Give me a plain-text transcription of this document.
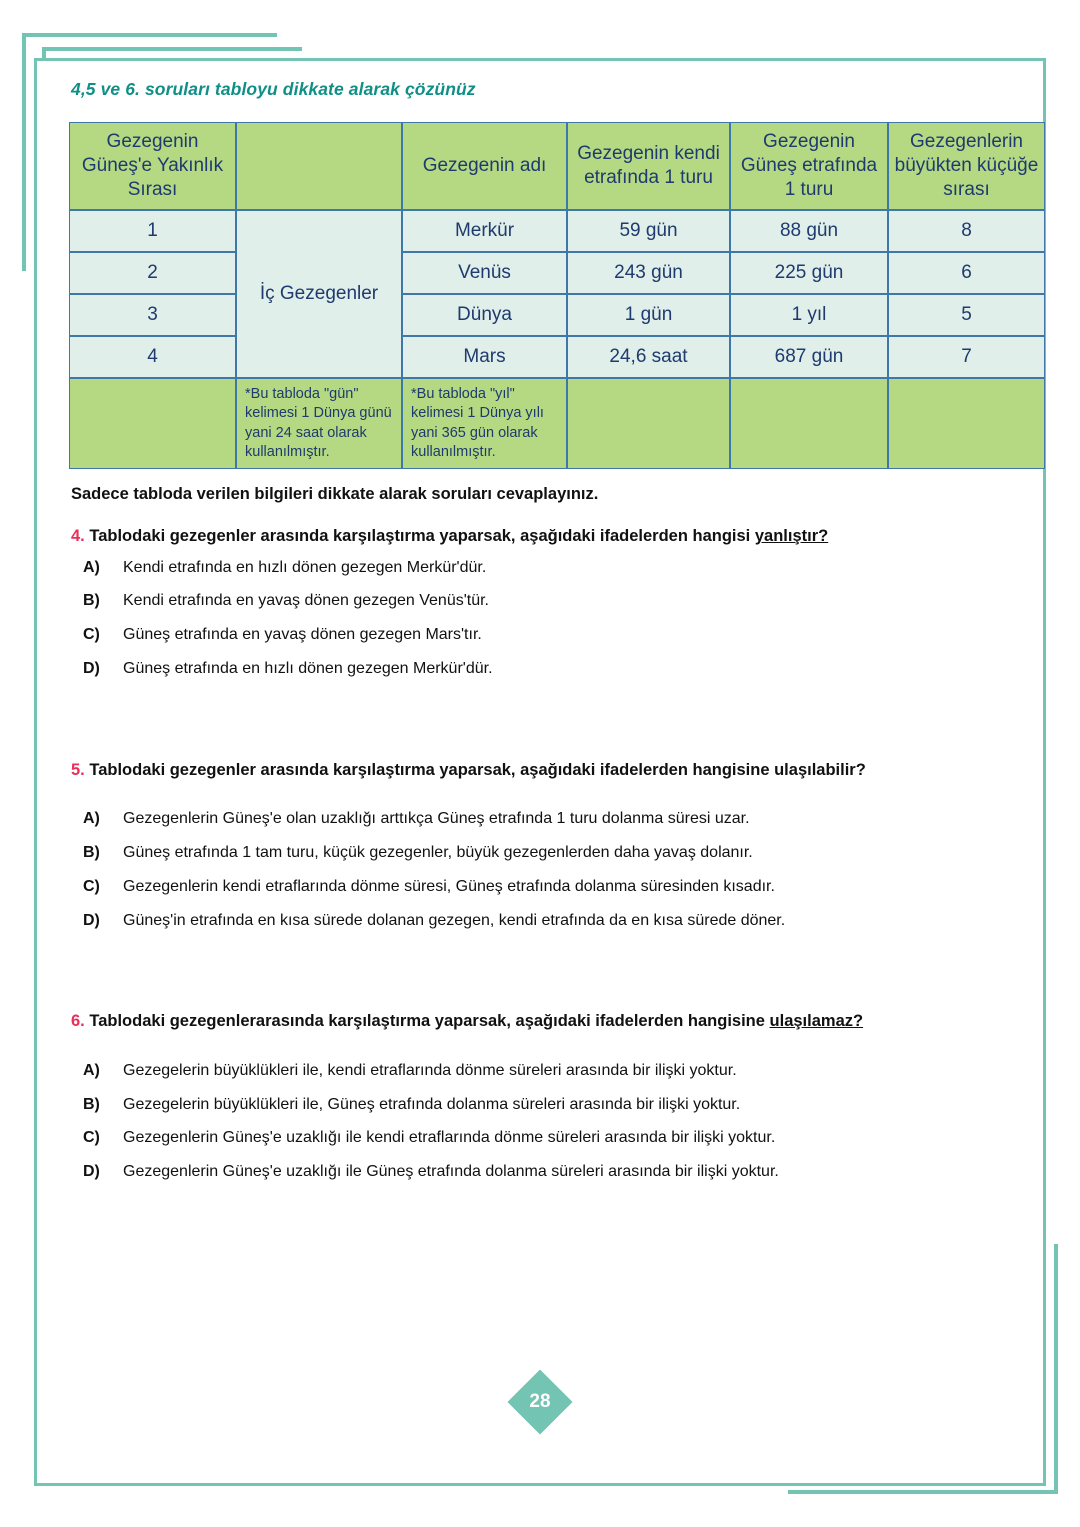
4,5 ve 6. soruları tabloyu dikkate alarak çözünüz
Gezegenin Güneş'e Yakınlık Sırası		Gezegenin adı	Gezegenin kendi etrafında 1 turu	Gezegenin Güneş etrafında 1 turu	Gezegenlerin büyükten küçüğe sırası
1	İç Gezegenler	Merkür	59 gün	88 gün	8
2		Venüs	243 gün	225 gün	6
3		Dünya	1 gün	1 yıl	5
4		Mars	24,6 saat	687 gün	7
	*Bu tabloda "gün" kelimesi 1 Dünya günü yani 24 saat olarak kullanılmıştır.	*Bu tabloda "yıl" kelimesi 1 Dünya yılı yani 365 gün olarak kullanılmıştır.			
Sadece tabloda verilen bilgileri dikkate alarak soruları cevaplayınız.
4. Tablodaki gezegenler arasında karşılaştırma yaparsak, aşağıdaki ifadelerden hangisi yanlıştır?
A)	Kendi etrafında en hızlı dönen gezegen Merkür'dür.
B)	Kendi etrafında en yavaş dönen gezegen Venüs'tür.
C)	Güneş etrafında en yavaş dönen gezegen Mars'tır.
D)	Güneş etrafında en hızlı dönen gezegen Merkür'dür.
5. Tablodaki gezegenler arasında karşılaştırma yaparsak, aşağıdaki ifadelerden hangisine ulaşılabilir?
A)	Gezegenlerin Güneş'e olan uzaklığı arttıkça Güneş etrafında 1 turu dolanma süresi uzar.
B)	Güneş etrafında 1 tam turu, küçük gezegenler, büyük gezegenlerden daha yavaş dolanır.
C)	Gezegenlerin kendi etraflarında dönme süresi, Güneş etrafında dolanma süresinden kısadır.
D)	Güneş'in etrafında en kısa sürede dolanan gezegen, kendi etrafında da en kısa sürede döner.
6. Tablodaki gezegenlerarasında karşılaştırma yaparsak, aşağıdaki ifadelerden hangisine ulaşılamaz?
A)	Gezegelerin büyüklükleri ile, kendi etraflarında dönme süreleri arasında bir ilişki yoktur.
B)	Gezegelerin büyüklükleri ile, Güneş etrafında dolanma süreleri arasında bir ilişki yoktur.
C)	Gezegenlerin Güneş'e uzaklığı ile kendi etraflarında dönme süreleri arasında bir ilişki yoktur.
D)	Gezegenlerin Güneş'e uzaklığı ile Güneş etrafında dolanma süreleri arasında bir ilişki yoktur.
28
